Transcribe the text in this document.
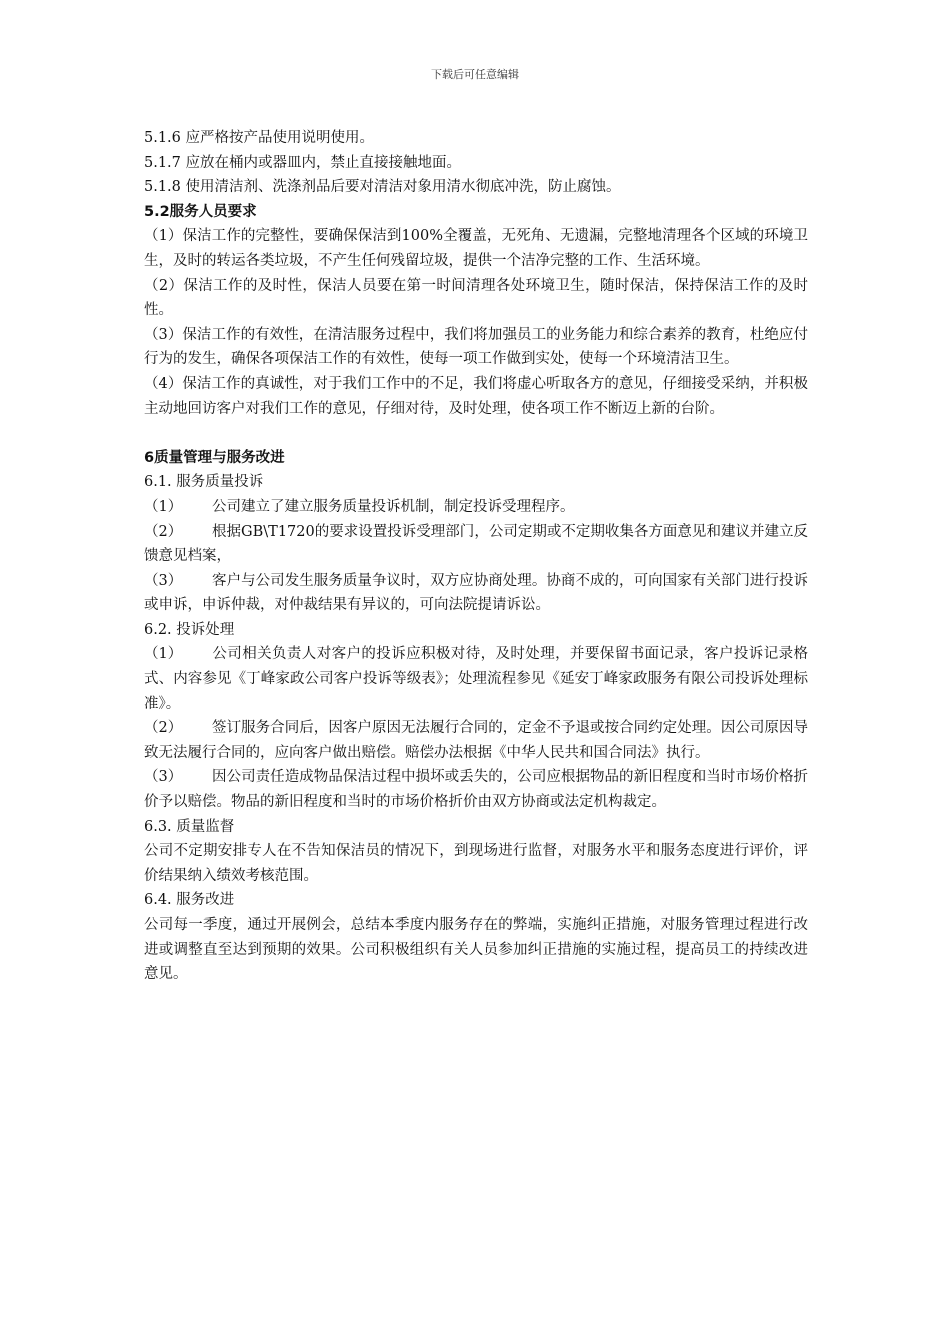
下载后可任意编辑

5.1.6 应严格按产品使用说明使用。

5.1.7 应放在桶内或器皿内，禁止直接接触地面。

5.1.8 使用清洁剂、洗涤剂品后要对清洁对象用清水彻底冲洗，防止腐蚀。

5.2服务人员要求

（1）保洁工作的完整性，要确保保洁到100%全覆盖，无死角、无遗漏，完整地清理各个区域的环境卫生，及时的转运各类垃圾，不产生任何残留垃圾，提供一个洁净完整的工作、生活环境。

（2）保洁工作的及时性，保洁人员要在第一时间清理各处环境卫生，随时保洁，保持保洁工作的及时性。

（3）保洁工作的有效性，在清洁服务过程中，我们将加强员工的业务能力和综合素养的教育，杜绝应付行为的发生，确保各项保洁工作的有效性，使每一项工作做到实处，使每一个环境清洁卫生。

（4）保洁工作的真诚性，对于我们工作中的不足，我们将虚心听取各方的意见，仔细接受采纳，并积极主动地回访客户对我们工作的意见，仔细对待，及时处理，使各项工作不断迈上新的台阶。

6质量管理与服务改进

6.1. 服务质量投诉

（1） 公司建立了建立服务质量投诉机制，制定投诉受理程序。

（2） 根据GB\T1720的要求设置投诉受理部门，公司定期或不定期收集各方面意见和建议并建立反馈意见档案，

（3） 客户与公司发生服务质量争议时，双方应协商处理。协商不成的，可向国家有关部门进行投诉或申诉，申诉仲裁，对仲裁结果有异议的，可向法院提请诉讼。

6.2. 投诉处理

（1） 公司相关负责人对客户的投诉应积极对待，及时处理，并要保留书面记录，客户投诉记录格式、内容参见《丁峰家政公司客户投诉等级表》；处理流程参见《延安丁峰家政服务有限公司投诉处理标准》。

（2） 签订服务合同后，因客户原因无法履行合同的，定金不予退或按合同约定处理。因公司原因导致无法履行合同的，应向客户做出赔偿。赔偿办法根据《中华人民共和国合同法》执行。

（3） 因公司责任造成物品保洁过程中损坏或丢失的，公司应根据物品的新旧程度和当时市场价格折价予以赔偿。物品的新旧程度和当时的市场价格折价由双方协商或法定机构裁定。

6.3. 质量监督

公司不定期安排专人在不告知保洁员的情况下，到现场进行监督，对服务水平和服务态度进行评价，评价结果纳入绩效考核范围。

6.4. 服务改进

公司每一季度，通过开展例会，总结本季度内服务存在的弊端，实施纠正措施，对服务管理过程进行改进或调整直至达到预期的效果。公司积极组织有关人员参加纠正措施的实施过程，提高员工的持续改进意见。
